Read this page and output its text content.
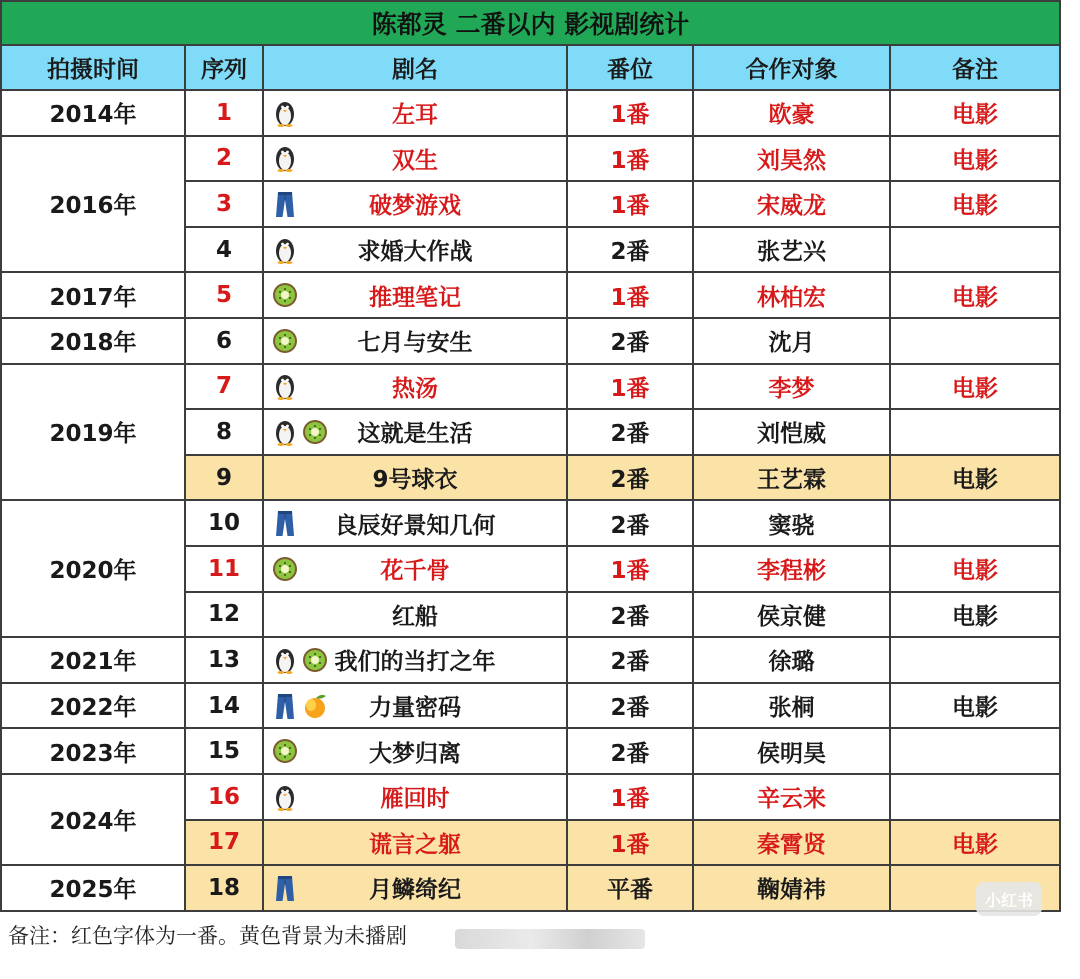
陈都灵 二番以内 影视剧统计					
拍摄时间	序列	剧名	番位	合作对象	备注
2014年	1	左耳	1番	欧豪	电影
2016年	2	双生	1番	刘昊然	电影
	3	破梦游戏	1番	宋威龙	电影
	4	求婚大作战	2番	张艺兴	
2017年	5	推理笔记	1番	林柏宏	电影
2018年	6	七月与安生	2番	沈月	
2019年	7	热汤	1番	李梦	电影
	8	这就是生活	2番	刘恺威	
	9	9号球衣	2番	王艺霖	电影
2020年	10	良辰好景知几何	2番	窦骁	
	11	花千骨	1番	李程彬	电影
	12	红船	2番	侯京健	电影
2021年	13	我们的当打之年	2番	徐璐	
2022年	14	力量密码	2番	张桐	电影
2023年	15	大梦归离	2番	侯明昊	
2024年	16	雁回时	1番	辛云来	
	17	谎言之躯	1番	秦霄贤	电影
2025年	18	月鳞绮纪	平番	鞠婧祎	
备注：红色字体为一番。黄色背景为未播剧
小红书
